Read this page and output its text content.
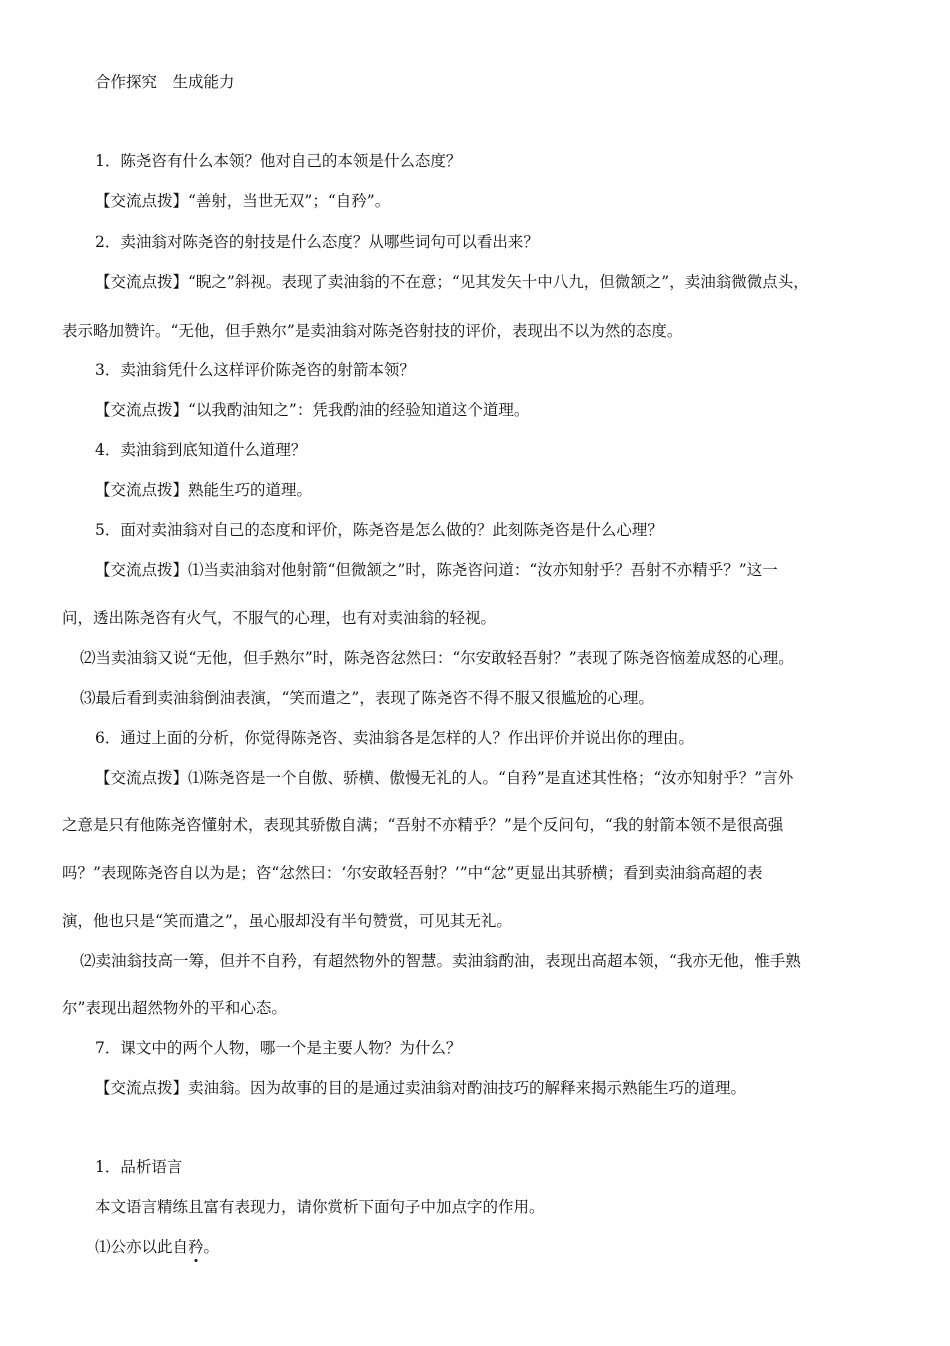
合作探究　生成能力
1．陈尧咨有什么本领？他对自己的本领是什么态度？
【交流点拨】“善射，当世无双”；“自矜”。
2．卖油翁对陈尧咨的射技是什么态度？从哪些词句可以看出来？
【交流点拨】“睨之”斜视。表现了卖油翁的不在意；“见其发矢十中八九，但微颔之”，卖油翁微微点头，
表示略加赞许。“无他，但手熟尔”是卖油翁对陈尧咨射技的评价，表现出不以为然的态度。
3．卖油翁凭什么这样评价陈尧咨的射箭本领？
【交流点拨】“以我酌油知之”：凭我酌油的经验知道这个道理。
4．卖油翁到底知道什么道理？
【交流点拨】熟能生巧的道理。
5．面对卖油翁对自己的态度和评价，陈尧咨是怎么做的？此刻陈尧咨是什么心理？
【交流点拨】⑴当卖油翁对他射箭“但微颔之”时，陈尧咨问道：“汝亦知射乎？吾射不亦精乎？”这一
问，透出陈尧咨有火气，不服气的心理，也有对卖油翁的轻视。
⑵当卖油翁又说“无他，但手熟尔”时，陈尧咨忿然曰：“尔安敢轻吾射？”表现了陈尧咨恼羞成怒的心理。
⑶最后看到卖油翁倒油表演，“笑而遣之”，表现了陈尧咨不得不服又很尴尬的心理。
6．通过上面的分析，你觉得陈尧咨、卖油翁各是怎样的人？作出评价并说出你的理由。
【交流点拨】⑴陈尧咨是一个自傲、骄横、傲慢无礼的人。“自矜”是直述其性格；“汝亦知射乎？”言外
之意是只有他陈尧咨懂射术，表现其骄傲自满；“吾射不亦精乎？”是个反问句，“我的射箭本领不是很高强
吗？”表现陈尧咨自以为是；咨“忿然曰：‘尔安敢轻吾射？’”中“忿”更显出其骄横；看到卖油翁高超的表
演，他也只是“笑而遣之”，虽心服却没有半句赞赏，可见其无礼。
⑵卖油翁技高一筹，但并不自矜，有超然物外的智慧。卖油翁酌油，表现出高超本领，“我亦无他，惟手熟
尔”表现出超然物外的平和心态。
7．课文中的两个人物，哪一个是主要人物？为什么？
【交流点拨】卖油翁。因为故事的目的是通过卖油翁对酌油技巧的解释来揭示熟能生巧的道理。
1．品析语言
本文语言精练且富有表现力，请你赏析下面句子中加点字的作用。
⑴公亦以此自矜。
